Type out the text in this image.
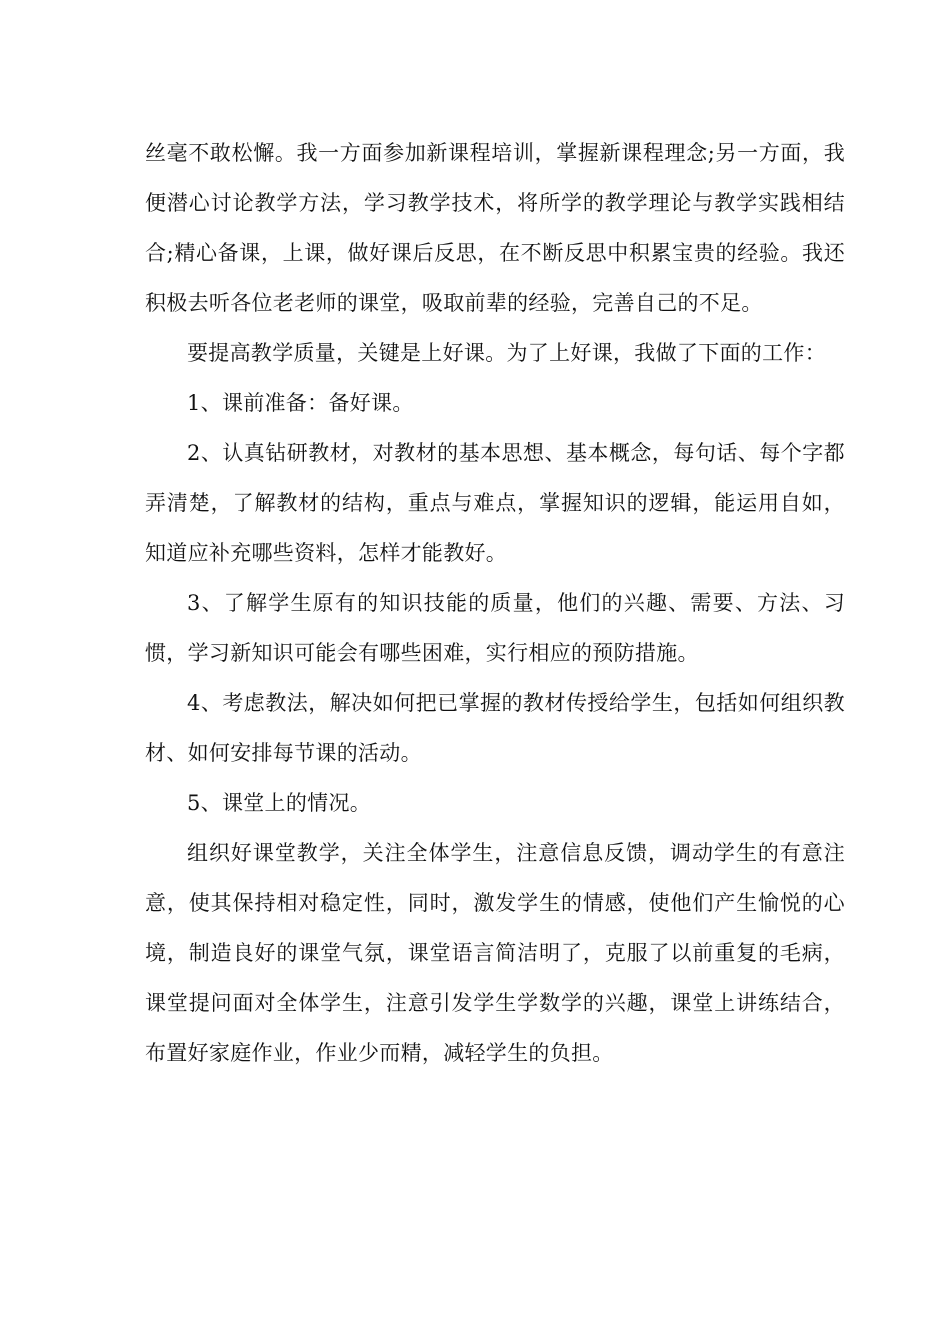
丝毫不敢松懈。我一方面参加新课程培训，掌握新课程理念;另一方面，我便潜心讨论教学方法，学习教学技术，将所学的教学理论与教学实践相结合;精心备课，上课，做好课后反思，在不断反思中积累宝贵的经验。我还积极去听各位老老师的课堂，吸取前辈的经验，完善自己的不足。

要提高教学质量，关键是上好课。为了上好课，我做了下面的工作：

1、课前准备：备好课。

2、认真钻研教材，对教材的基本思想、基本概念，每句话、每个字都弄清楚，了解教材的结构，重点与难点，掌握知识的逻辑，能运用自如，知道应补充哪些资料，怎样才能教好。

3、了解学生原有的知识技能的质量，他们的兴趣、需要、方法、习惯，学习新知识可能会有哪些困难，实行相应的预防措施。

4、考虑教法，解决如何把已掌握的教材传授给学生，包括如何组织教材、如何安排每节课的活动。

5、课堂上的情况。

组织好课堂教学，关注全体学生，注意信息反馈，调动学生的有意注意，使其保持相对稳定性，同时，激发学生的情感，使他们产生愉悦的心境，制造良好的课堂气氛，课堂语言简洁明了，克服了以前重复的毛病，课堂提问面对全体学生，注意引发学生学数学的兴趣，课堂上讲练结合，布置好家庭作业，作业少而精，减轻学生的负担。
